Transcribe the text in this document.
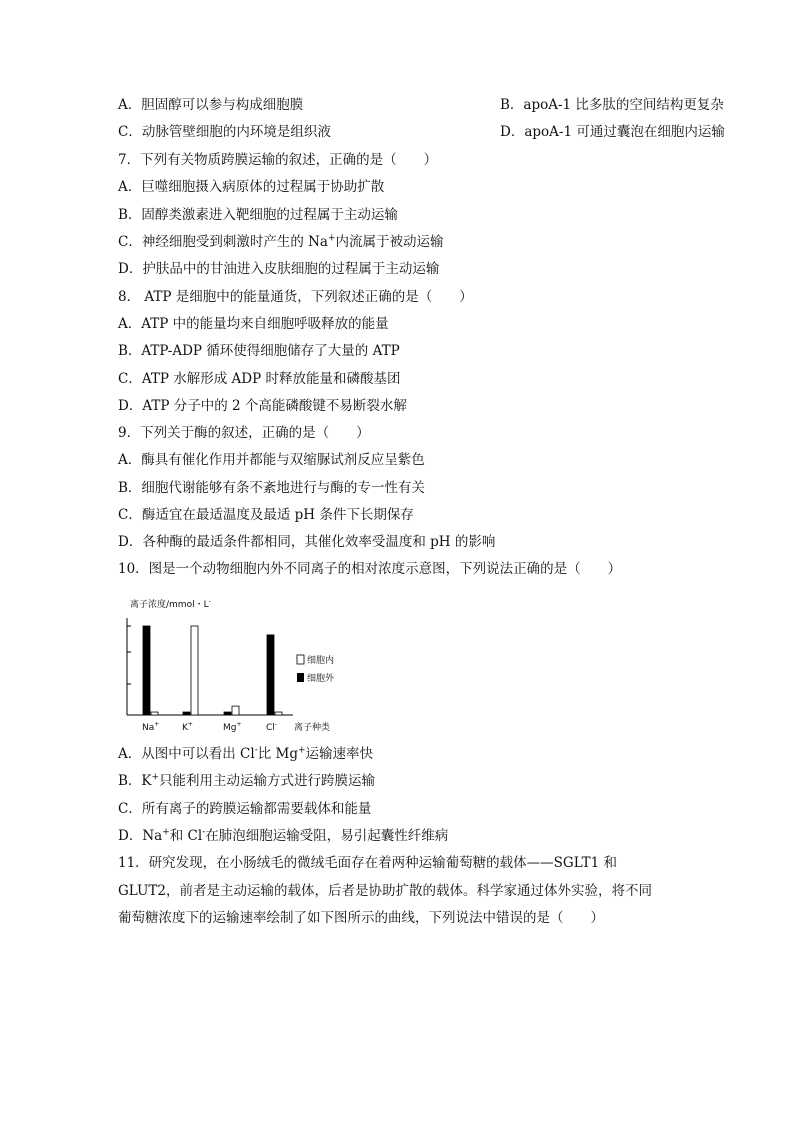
A．胆固醇可以参与构成细胞膜	B．apoA-1 比多肽的空间结构更复杂
C．动脉管壁细胞的内环境是组织液	D．apoA-1 可通过囊泡在细胞内运输
7．下列有关物质跨膜运输的叙述，正确的是（　　）
A．巨噬细胞摄入病原体的过程属于协助扩散
B．固醇类激素进入靶细胞的过程属于主动运输
C．神经细胞受到刺激时产生的 Na+内流属于被动运输
D．护肤品中的甘油进入皮肤细胞的过程属于主动运输
8． ATP 是细胞中的能量通货，下列叙述正确的是（　　）
A．ATP 中的能量均来自细胞呼吸释放的能量
B．ATP-ADP 循环使得细胞储存了大量的 ATP
C．ATP 水解形成 ADP 时释放能量和磷酸基团
D．ATP 分子中的 2 个高能磷酸键不易断裂水解
9．下列关于酶的叙述，正确的是（　　）
A．酶具有催化作用并都能与双缩脲试剂反应呈紫色
B．细胞代谢能够有条不紊地进行与酶的专一性有关
C．酶适宜在最适温度及最适 pH 条件下长期保存
D．各种酶的最适条件都相同，其催化效率受温度和 pH 的影响
10．图是一个动物细胞内外不同离子的相对浓度示意图，下列说法正确的是（　　）
离子浓度/mmol・L-
Na+	K+	Mg+	Cl- 离子种类
细胞内
细胞外
A．从图中可以看出 Cl-比 Mg+运输速率快
B．K+只能利用主动运输方式进行跨膜运输
C．所有离子的跨膜运输都需要载体和能量
D．Na+和 Cl-在肺泡细胞运输受阻，易引起囊性纤维病
11．研究发现，在小肠绒毛的微绒毛面存在着两种运输葡萄糖的载体——SGLT1 和
GLUT2，前者是主动运输的载体，后者是协助扩散的载体。科学家通过体外实验，将不同
葡萄糖浓度下的运输速率绘制了如下图所示的曲线，下列说法中错误的是（　　）
